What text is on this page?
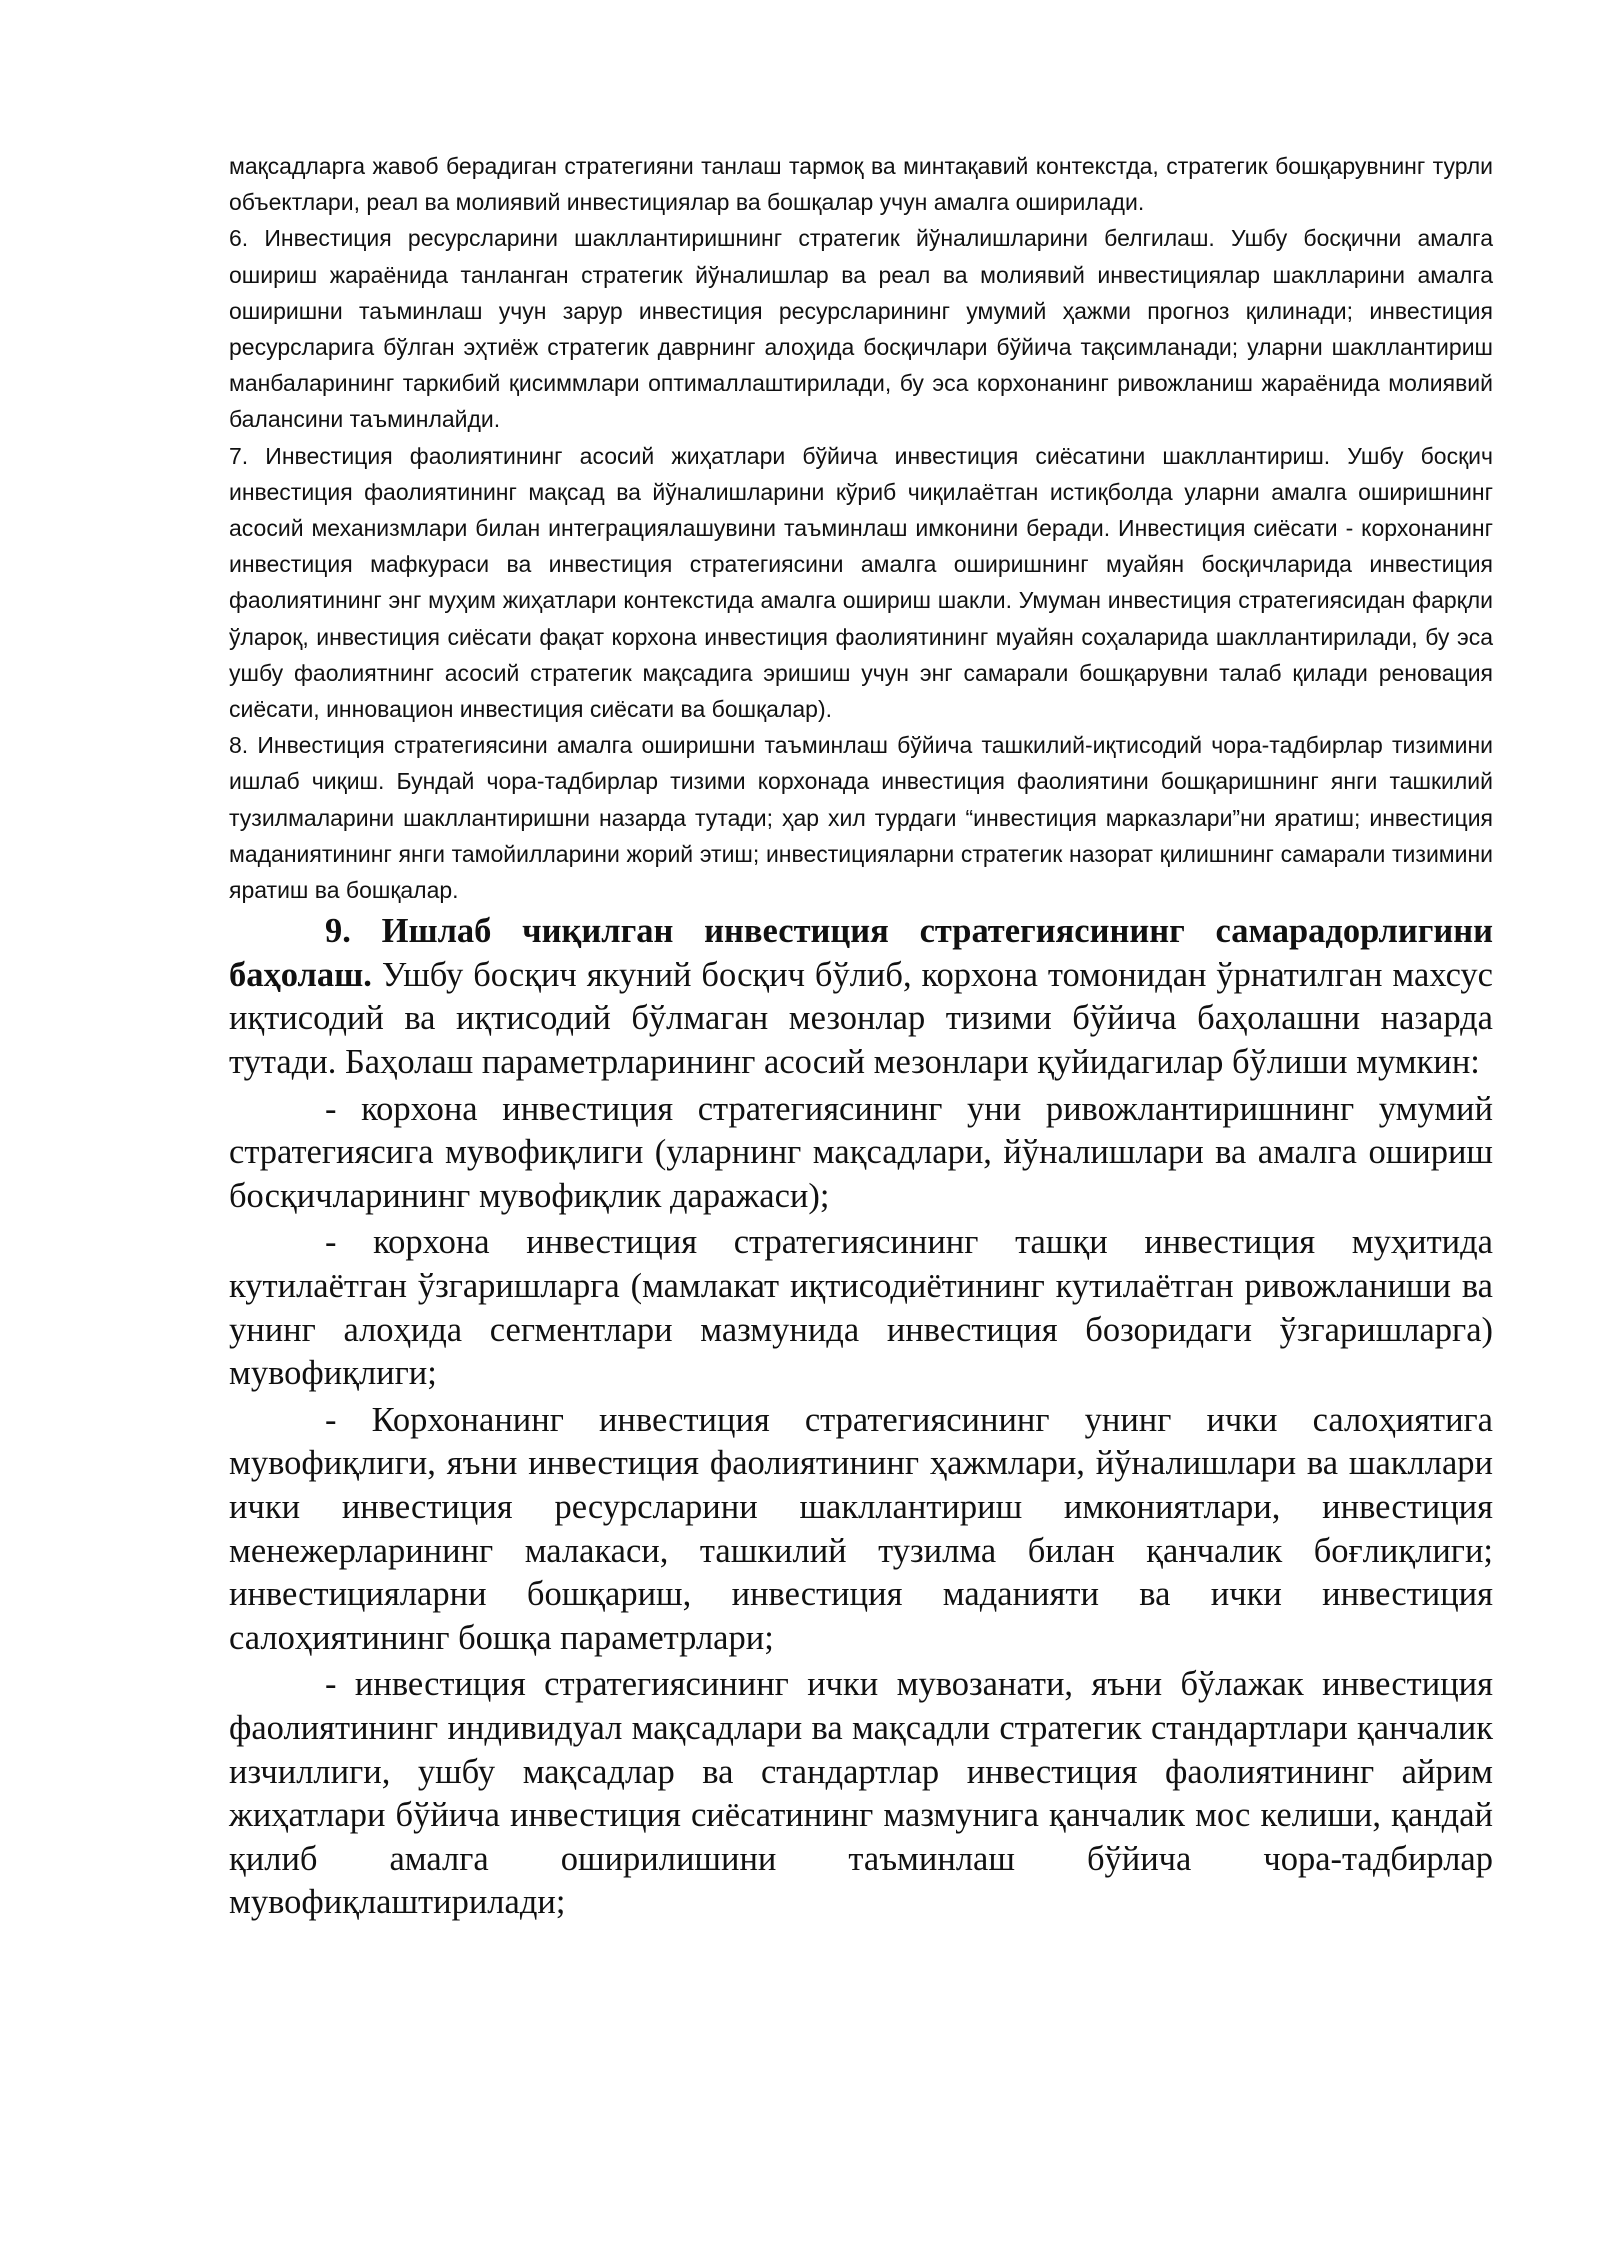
мақсадларга жавоб берадиган стратегияни танлаш тармоқ ва минтақавий контекстда, стратегик бошқарувнинг турли объектлари, реал ва молиявий инвестициялар ва бошқалар учун амалга оширилади.

6. Инвестиция ресурсларини шакллантиришнинг стратегик йўналишларини белгилаш. Ушбу босқични амалга ошириш жараёнида танланган стратегик йўналишлар ва реал ва молиявий инвестициялар шаклларини амалга оширишни таъминлаш учун зарур инвестиция ресурсларининг умумий ҳажми прогноз қилинади; инвестиция ресурсларига бўлган эҳтиёж стратегик даврнинг алоҳида босқичлари бўйича тақсимланади; уларни шакллантириш манбаларининг таркибий қисиммлари оптималлаштирилади, бу эса корхонанинг ривожланиш жараёнида молиявий балансини таъминлайди.

7. Инвестиция фаолиятининг асосий жиҳатлари бўйича инвестиция сиёсатини шакллантириш. Ушбу босқич инвестиция фаолиятининг мақсад ва йўналишларини кўриб чиқилаётган истиқболда уларни амалга оширишнинг асосий механизмлари билан интеграциялашувини таъминлаш имконини беради. Инвестиция сиёсати - корхонанинг инвестиция мафкураси ва инвестиция стратегиясини амалга оширишнинг муайян босқичларида инвестиция фаолиятининг энг муҳим жиҳатлари контекстида амалга ошириш шакли. Умуман инвестиция стратегиясидан фарқли ўлароқ, инвестиция сиёсати фақат корхона инвестиция фаолиятининг муайян соҳаларида шакллантирилади, бу эса ушбу фаолиятнинг асосий стратегик мақсадига эришиш учун энг самарали бошқарувни талаб қилади реновация сиёсати, инновацион инвестиция сиёсати ва бошқалар).

8. Инвестиция стратегиясини амалга оширишни таъминлаш бўйича ташкилий-иқтисодий чора-тадбирлар тизимини ишлаб чиқиш. Бундай чора-тадбирлар тизими корхонада инвестиция фаолиятини бошқаришнинг янги ташкилий тузилмаларини шакллантиришни назарда тутади; ҳар хил турдаги “инвестиция марказлари”ни яратиш; инвестиция маданиятининг янги тамойилларини жорий этиш; инвестицияларни стратегик назорат қилишнинг самарали тизимини яратиш ва бошқалар.

9. Ишлаб чиқилган инвестиция стратегиясининг самарадорлигини баҳолаш. Ушбу босқич якуний босқич бўлиб, корхона томонидан ўрнатилган махсус иқтисодий ва иқтисодий бўлмаган мезонлар тизими бўйича баҳолашни назарда тутади. Баҳолаш параметрларининг асосий мезонлари қуйидагилар бўлиши мумкин:

- корхона инвестиция стратегиясининг уни ривожлантиришнинг умумий стратегиясига мувофиқлиги (уларнинг мақсадлари, йўналишлари ва амалга ошириш босқичларининг мувофиқлик даражаси);

- корхона инвестиция стратегиясининг ташқи инвестиция муҳитида кутилаётган ўзгаришларга (мамлакат иқтисодиётининг кутилаётган ривожланиши ва унинг алоҳида сегментлари мазмунида инвестиция бозоридаги ўзгаришларга) мувофиқлиги;

- Корхонанинг инвестиция стратегиясининг унинг ички салоҳиятига мувофиқлиги, яъни инвестиция фаолиятининг ҳажмлари, йўналишлари ва шакллари ички инвестиция ресурсларини шакллантириш имкониятлари, инвестиция менежерларининг малакаси, ташкилий тузилма билан қанчалик боғлиқлиги; инвестицияларни бошқариш, инвестиция маданияти ва ички инвестиция салоҳиятининг бошқа параметрлари;

- инвестиция стратегиясининг ички мувозанати, яъни бўлажак инвестиция фаолиятининг индивидуал мақсадлари ва мақсадли стратегик стандартлари қанчалик изчиллиги, ушбу мақсадлар ва стандартлар инвестиция фаолиятининг айрим жиҳатлари бўйича инвестиция сиёсатининг мазмунига қанчалик мос келиши, қандай қилиб амалга оширилишини таъминлаш бўйича чора-тадбирлар мувофиқлаштирилади;
